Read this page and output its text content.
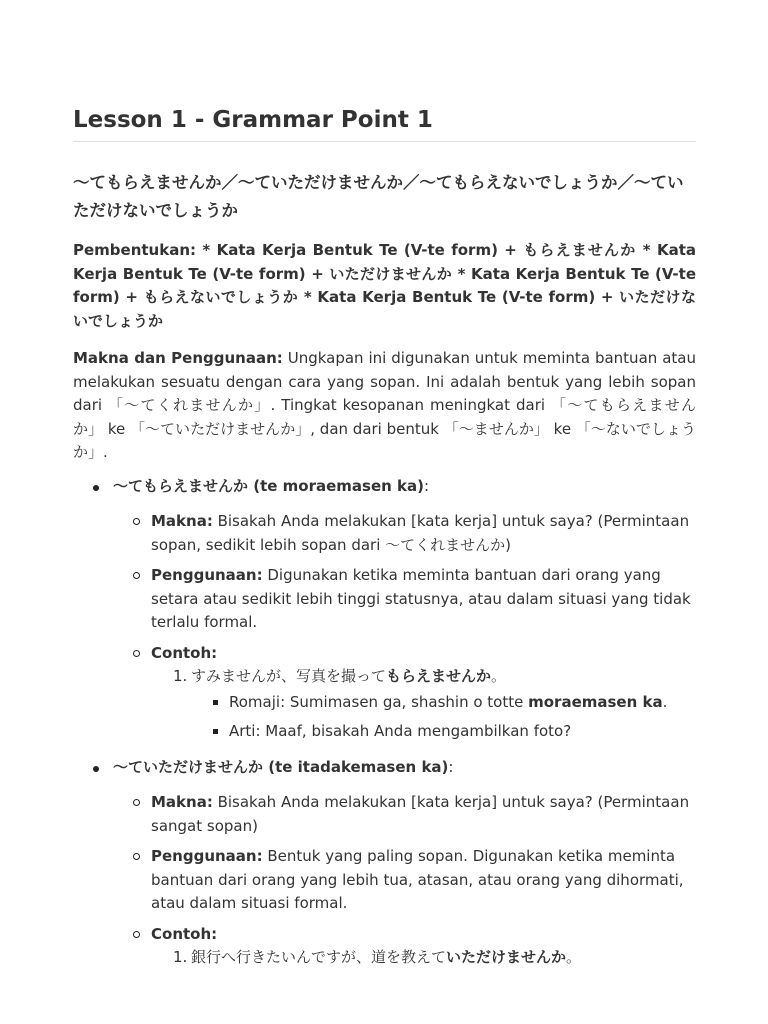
Lesson 1 - Grammar Point 1
〜てもらえませんか／〜ていただけませんか／〜てもらえないでしょうか／〜ていただけないでしょうか

Pembentukan: * Kata Kerja Bentuk Te (V-te form) + もらえませんか * Kata Kerja Bentuk Te (V-te form) + いただけませんか * Kata Kerja Bentuk Te (V-te form) + もらえないでしょうか * Kata Kerja Bentuk Te (V-te form) + いただけないでしょうか

Makna dan Penggunaan: Ungkapan ini digunakan untuk meminta bantuan atau melakukan sesuatu dengan cara yang sopan. Ini adalah bentuk yang lebih sopan dari 「〜てくれませんか」. Tingkat kesopanan meningkat dari 「〜てもらえませんか」 ke 「〜ていただけませんか」, dan dari bentuk 「〜ませんか」 ke 「〜ないでしょうか」.

〜てもらえませんか (te moraemasen ka):
Makna: Bisakah Anda melakukan [kata kerja] untuk saya? (Permintaan sopan, sedikit lebih sopan dari 〜てくれませんか)
Penggunaan: Digunakan ketika meminta bantuan dari orang yang setara atau sedikit lebih tinggi statusnya, atau dalam situasi yang tidak terlalu formal.
Contoh:
1. すみませんが、写真を撮ってもらえませんか。
Romaji: Sumimasen ga, shashin o totte moraemasen ka.
Arti: Maaf, bisakah Anda mengambilkan foto?
〜ていただけませんか (te itadakemasen ka):
Makna: Bisakah Anda melakukan [kata kerja] untuk saya? (Permintaan sangat sopan)
Penggunaan: Bentuk yang paling sopan. Digunakan ketika meminta bantuan dari orang yang lebih tua, atasan, atau orang yang dihormati, atau dalam situasi formal.
Contoh:
1. 銀行へ行きたいんですが、道を教えていただけませんか。
